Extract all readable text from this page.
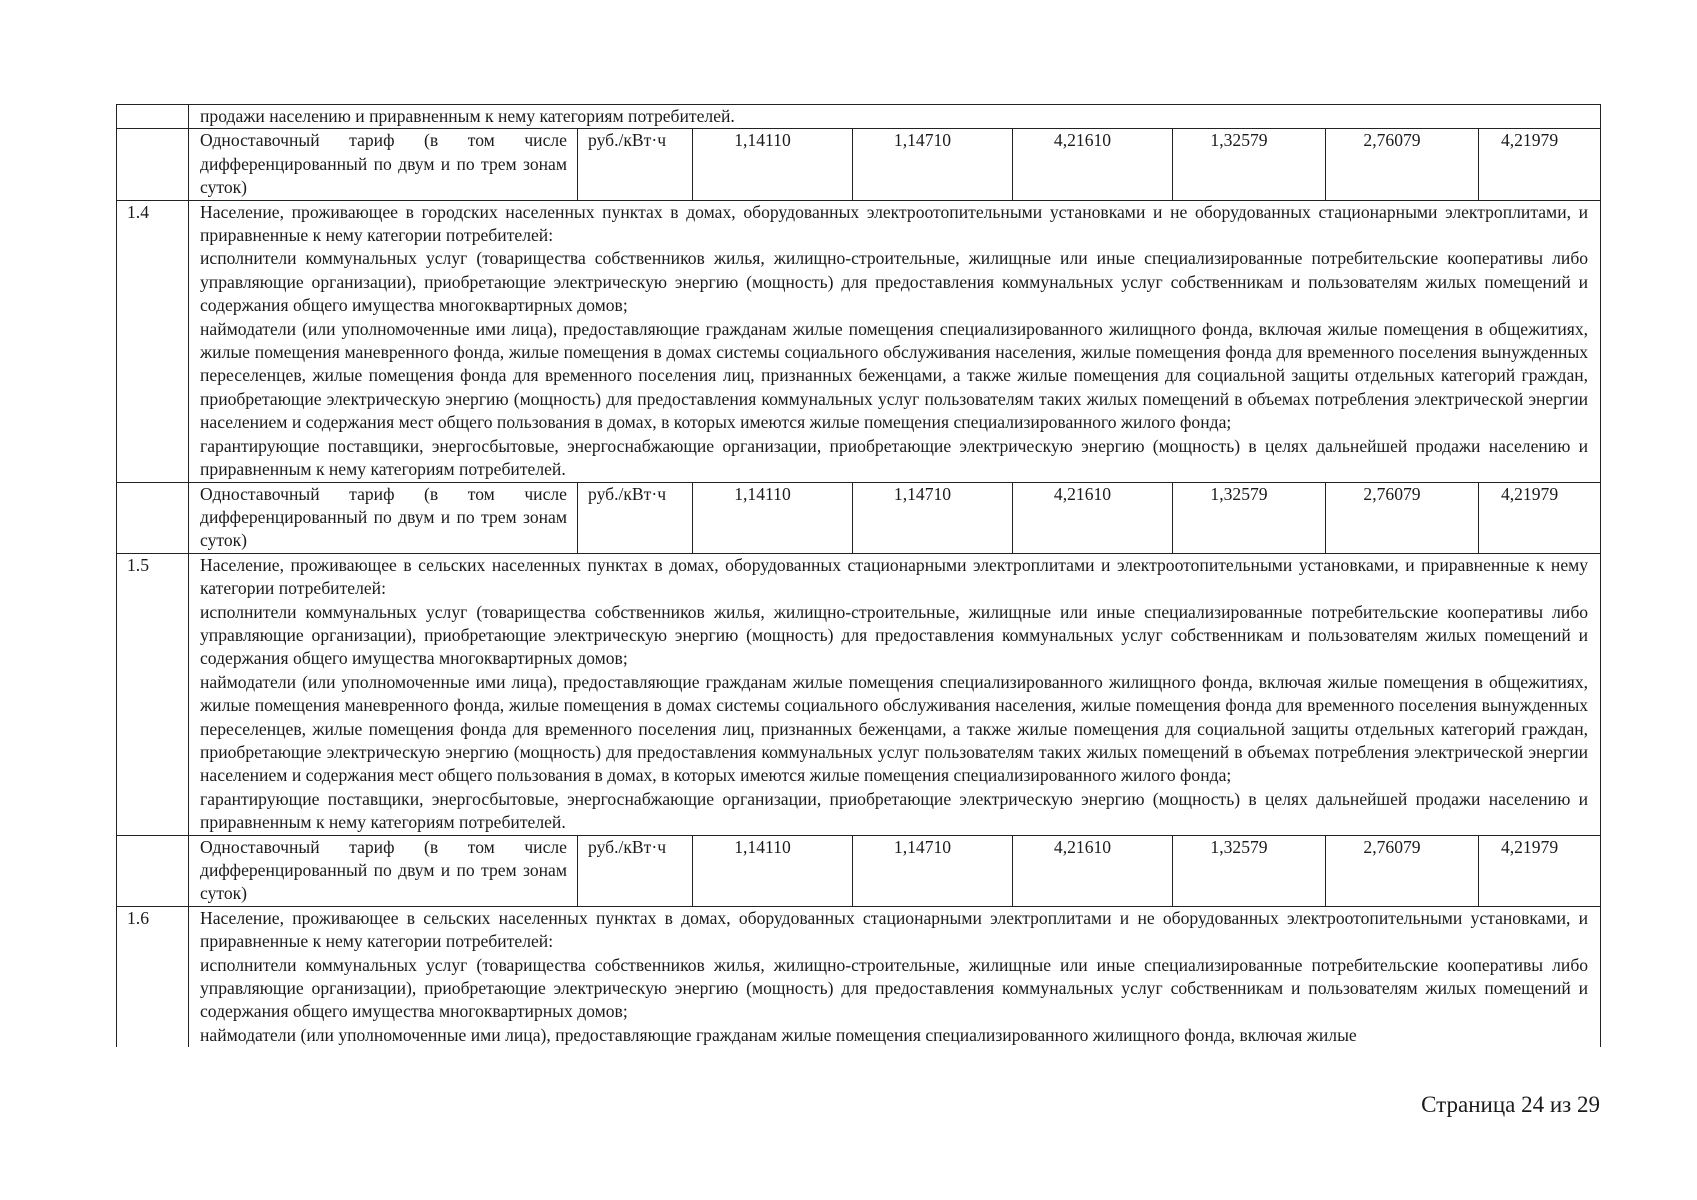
	продажи населению и приравненным к нему категориям потребителей.							

	Одноставочный тариф (в том числе дифференцированный по двум и по трем зонам суток)	руб./кВт·ч	1,14110	1,14710	4,21610	1,32579	2,76079	4,21979
1.4	Население, проживающее в городских населенных пунктах в домах, оборудованных электроотопительными установками и не оборудованных стационарными электроплитами, и приравненные к нему категории потребителей:
исполнители коммунальных услуг (товарищества собственников жилья, жилищно-строительные, жилищные или иные специализированные потребительские кооперативы либо управляющие организации), приобретающие электрическую энергию (мощность) для предоставления коммунальных услуг собственникам и пользователям жилых помещений и содержания общего имущества многоквартирных домов;
наймодатели (или уполномоченные ими лица), предоставляющие гражданам жилые помещения специализированного жилищного фонда, включая жилые помещения в общежитиях, жилые помещения маневренного фонда, жилые помещения в домах системы социального обслуживания населения, жилые помещения фонда для временного поселения вынужденных переселенцев, жилые помещения фонда для временного поселения лиц, признанных беженцами, а также жилые помещения для социальной защиты отдельных категорий граждан, приобретающие электрическую энергию (мощность) для предоставления коммунальных услуг пользователям таких жилых помещений в объемах потребления электрической энергии населением и содержания мест общего пользования в домах, в которых имеются жилые помещения специализированного жилого фонда;
гарантирующие поставщики, энергосбытовые, энергоснабжающие организации, приобретающие электрическую энергию (мощность) в целях дальнейшей продажи населению и приравненным к нему категориям потребителей.							

	Одноставочный тариф (в том числе дифференцированный по двум и по трем зонам суток)	руб./кВт·ч	1,14110	1,14710	4,21610	1,32579	2,76079	4,21979
1.5	Население, проживающее в сельских населенных пунктах в домах, оборудованных стационарными электроплитами и электроотопительными установками, и приравненные к нему категории потребителей:
исполнители коммунальных услуг (товарищества собственников жилья, жилищно-строительные, жилищные или иные специализированные потребительские кооперативы либо управляющие организации), приобретающие электрическую энергию (мощность) для предоставления коммунальных услуг собственникам и пользователям жилых помещений и содержания общего имущества многоквартирных домов;
наймодатели (или уполномоченные ими лица), предоставляющие гражданам жилые помещения специализированного жилищного фонда, включая жилые помещения в общежитиях, жилые помещения маневренного фонда, жилые помещения в домах системы социального обслуживания населения, жилые помещения фонда для временного поселения вынужденных переселенцев, жилые помещения фонда для временного поселения лиц, признанных беженцами, а также жилые помещения для социальной защиты отдельных категорий граждан, приобретающие электрическую энергию (мощность) для предоставления коммунальных услуг пользователям таких жилых помещений в объемах потребления электрической энергии населением и содержания мест общего пользования в домах, в которых имеются жилые помещения специализированного жилого фонда;
гарантирующие поставщики, энергосбытовые, энергоснабжающие организации, приобретающие электрическую энергию (мощность) в целях дальнейшей продажи населению и приравненным к нему категориям потребителей.							

	Одноставочный тариф (в том числе дифференцированный по двум и по трем зонам суток)	руб./кВт·ч	1,14110	1,14710	4,21610	1,32579	2,76079	4,21979
1.6	Население, проживающее в сельских населенных пунктах в домах, оборудованных стационарными электроплитами и не оборудованных электроотопительными установками, и приравненные к нему категории потребителей:
исполнители коммунальных услуг (товарищества собственников жилья, жилищно-строительные, жилищные или иные специализированные потребительские кооперативы либо управляющие организации), приобретающие электрическую энергию (мощность) для предоставления коммунальных услуг собственникам и пользователям жилых помещений и содержания общего имущества многоквартирных домов;
наймодатели (или уполномоченные ими лица), предоставляющие гражданам жилые помещения специализированного жилищного фонда, включая жилые							
Страница 24 из 29
